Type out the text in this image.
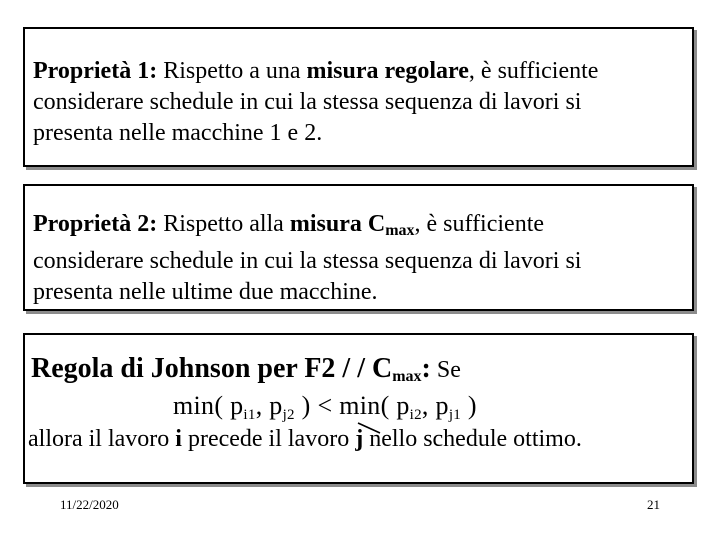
Proprietà 1: Rispetto a una misura regolare, è sufficiente
considerare schedule in cui la stessa sequenza di lavori si
presenta nelle macchine 1 e 2.
Proprietà 2: Rispetto alla misura $C_{max}$, è sufficiente
considerare schedule in cui la stessa sequenza di lavori si
presenta nelle ultime due macchine.
Regola di Johnson per F2 / / $C_{max}$: Se
min( $p_{i1}$, $p_{j2}$ ) < min( $p_{i2}$, $p_{j1}$ )
allora il lavoro i precede il lavoro j nello schedule ottimo.
11/22/2020	21
